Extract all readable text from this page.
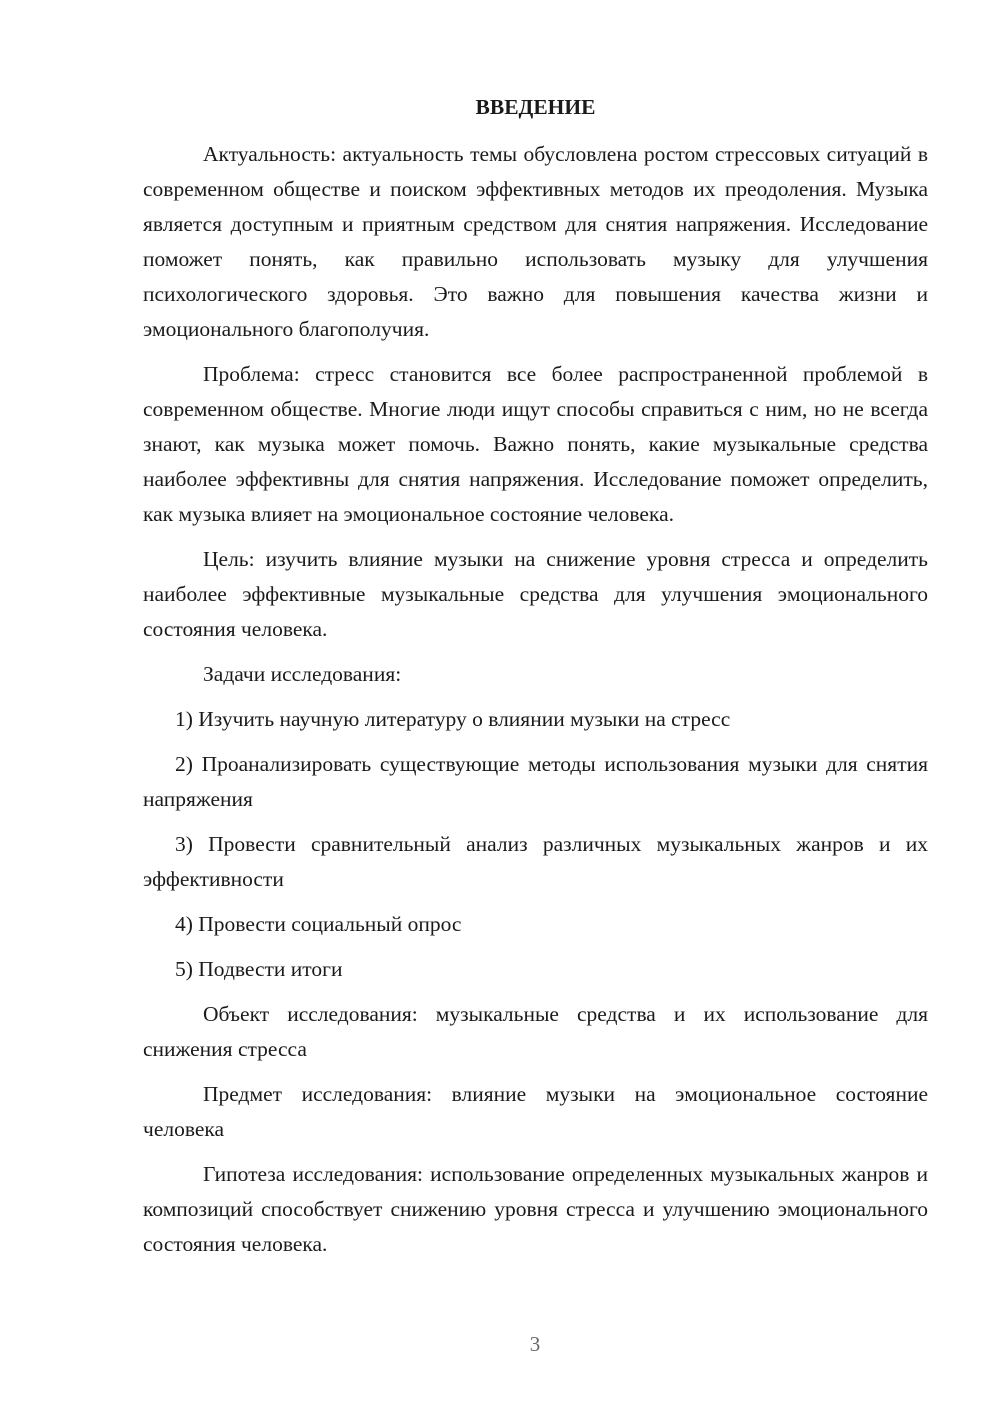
ВВЕДЕНИЕ

Актуальность: актуальность темы обусловлена ростом стрессовых ситуаций в современном обществе и поиском эффективных методов их преодоления. Музыка является доступным и приятным средством для снятия напряжения. Исследование поможет понять, как правильно использовать музыку для улучшения психологического здоровья. Это важно для повышения качества жизни и эмоционального благополучия.

Проблема: стресс становится все более распространенной проблемой в современном обществе. Многие люди ищут способы справиться с ним, но не всегда знают, как музыка может помочь. Важно понять, какие музыкальные средства наиболее эффективны для снятия напряжения. Исследование поможет определить, как музыка влияет на эмоциональное состояние человека.

Цель: изучить влияние музыки на снижение уровня стресса и определить наиболее эффективные музыкальные средства для улучшения эмоционального состояния человека.

Задачи исследования:

1) Изучить научную литературу о влиянии музыки на стресс

2) Проанализировать существующие методы использования музыки для снятия напряжения

3) Провести сравнительный анализ различных музыкальных жанров и их эффективности

4) Провести социальный опрос

5) Подвести итоги

Объект исследования: музыкальные средства и их использование для снижения стресса

Предмет исследования: влияние музыки на эмоциональное состояние человека

Гипотеза исследования: использование определенных музыкальных жанров и композиций способствует снижению уровня стресса и улучшению эмоционального состояния человека.

3
